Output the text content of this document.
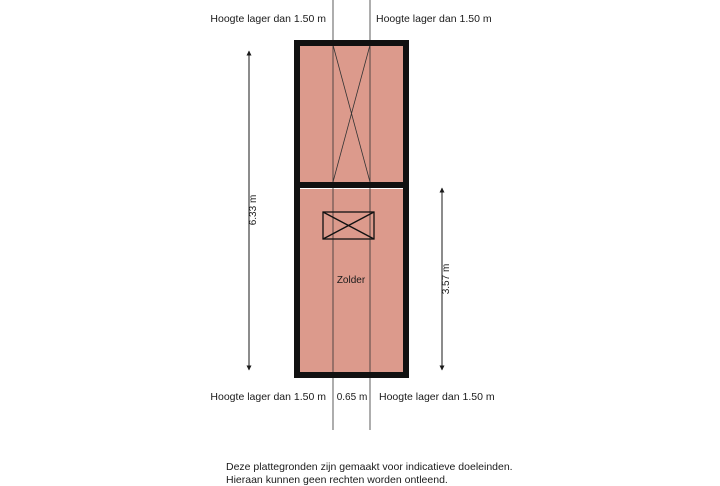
Zolder
6.33 m
3.57 m
0.65 m
Hoogte lager dan 1.50 m	Hoogte lager dan 1.50 m
Hoogte lager dan 1.50 m	Hoogte lager dan 1.50 m
Deze plattegronden zijn gemaakt voor indicatieve doeleinden.
Hieraan kunnen geen rechten worden ontleend.
